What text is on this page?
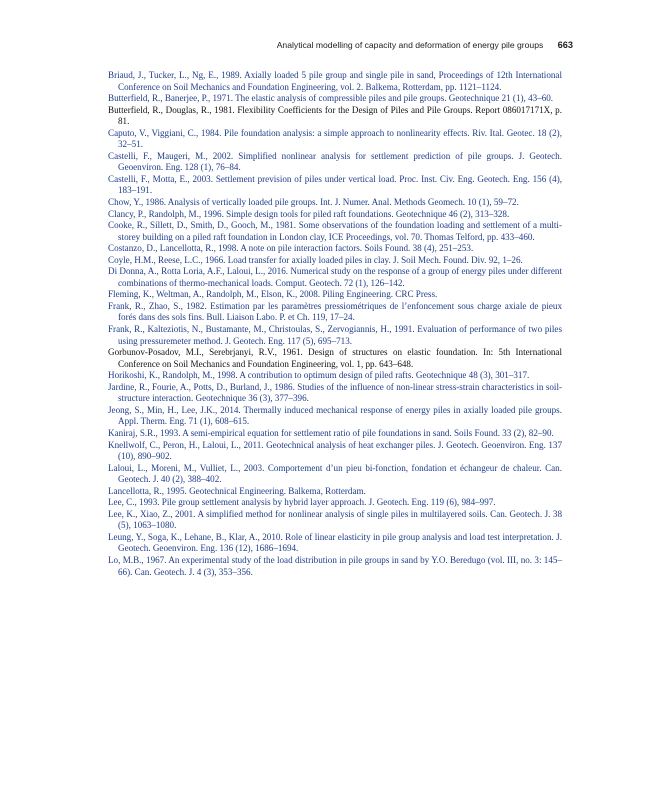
Analytical modelling of capacity and deformation of energy pile groups 663

Briaud, J., Tucker, L., Ng, E., 1989. Axially loaded 5 pile group and single pile in sand, Proceedings of 12th International Conference on Soil Mechanics and Foundation Engineering, vol. 2. Balkema, Rotterdam, pp. 1121–1124.

Butterfield, R., Banerjee, P., 1971. The elastic analysis of compressible piles and pile groups. Geotechnique 21 (1), 43–60.

Butterfield, R., Douglas, R., 1981. Flexibility Coefficients for the Design of Piles and Pile Groups. Report 086017171X, p. 81.

Caputo, V., Viggiani, C., 1984. Pile foundation analysis: a simple approach to nonlinearity effects. Riv. Ital. Geotec. 18 (2), 32–51.

Castelli, F., Maugeri, M., 2002. Simplified nonlinear analysis for settlement prediction of pile groups. J. Geotech. Geoenviron. Eng. 128 (1), 76–84.

Castelli, F., Motta, E., 2003. Settlement prevision of piles under vertical load. Proc. Inst. Civ. Eng. Geotech. Eng. 156 (4), 183–191.

Chow, Y., 1986. Analysis of vertically loaded pile groups. Int. J. Numer. Anal. Methods Geomech. 10 (1), 59–72.

Clancy, P., Randolph, M., 1996. Simple design tools for piled raft foundations. Geotechnique 46 (2), 313–328.

Cooke, R., Sillett, D., Smith, D., Gooch, M., 1981. Some observations of the foundation loading and settlement of a multi-storey building on a piled raft foundation in London clay, ICE Proceedings, vol. 70. Thomas Telford, pp. 433–460.

Costanzo, D., Lancellotta, R., 1998. A note on pile interaction factors. Soils Found. 38 (4), 251–253.

Coyle, H.M., Reese, L.C., 1966. Load transfer for axially loaded piles in clay. J. Soil Mech. Found. Div. 92, 1–26.

Di Donna, A., Rotta Loria, A.F., Laloui, L., 2016. Numerical study on the response of a group of energy piles under different combinations of thermo-mechanical loads. Comput. Geotech. 72 (1), 126–142.

Fleming, K., Weltman, A., Randolph, M., Elson, K., 2008. Piling Engineering. CRC Press.

Frank, R., Zhao, S., 1982. Estimation par les paramètres pressiométriques de l’enfoncement sous charge axiale de pieux forés dans des sols fins. Bull. Liaison Labo. P. et Ch. 119, 17–24.

Frank, R., Kalteziotis, N., Bustamante, M., Christoulas, S., Zervogiannis, H., 1991. Evaluation of performance of two piles using pressuremeter method. J. Geotech. Eng. 117 (5), 695–713.

Gorbunov-Posadov, M.I., Serebrjanyi, R.V., 1961. Design of structures on elastic foundation. In: 5th International Conference on Soil Mechanics and Foundation Engineering, vol. 1, pp. 643–648.

Horikoshi, K., Randolph, M., 1998. A contribution to optimum design of piled rafts. Geotechnique 48 (3), 301–317.

Jardine, R., Fourie, A., Potts, D., Burland, J., 1986. Studies of the influence of non-linear stress-strain characteristics in soil-structure interaction. Geotechnique 36 (3), 377–396.

Jeong, S., Min, H., Lee, J.K., 2014. Thermally induced mechanical response of energy piles in axially loaded pile groups. Appl. Therm. Eng. 71 (1), 608–615.

Kaniraj, S.R., 1993. A semi-empirical equation for settlement ratio of pile foundations in sand. Soils Found. 33 (2), 82–90.

Knellwolf, C., Peron, H., Laloui, L., 2011. Geotechnical analysis of heat exchanger piles. J. Geotech. Geoenviron. Eng. 137 (10), 890–902.

Laloui, L., Moreni, M., Vulliet, L., 2003. Comportement d’un pieu bi-fonction, fondation et échangeur de chaleur. Can. Geotech. J. 40 (2), 388–402.

Lancellotta, R., 1995. Geotechnical Engineering. Balkema, Rotterdam.

Lee, C., 1993. Pile group settlement analysis by hybrid layer approach. J. Geotech. Eng. 119 (6), 984–997.

Lee, K., Xiao, Z., 2001. A simplified method for nonlinear analysis of single piles in multilayered soils. Can. Geotech. J. 38 (5), 1063–1080.

Leung, Y., Soga, K., Lehane, B., Klar, A., 2010. Role of linear elasticity in pile group analysis and load test interpretation. J. Geotech. Geoenviron. Eng. 136 (12), 1686–1694.

Lo, M.B., 1967. An experimental study of the load distribution in pile groups in sand by Y.O. Beredugo (vol. III, no. 3: 145–66). Can. Geotech. J. 4 (3), 353–356.
